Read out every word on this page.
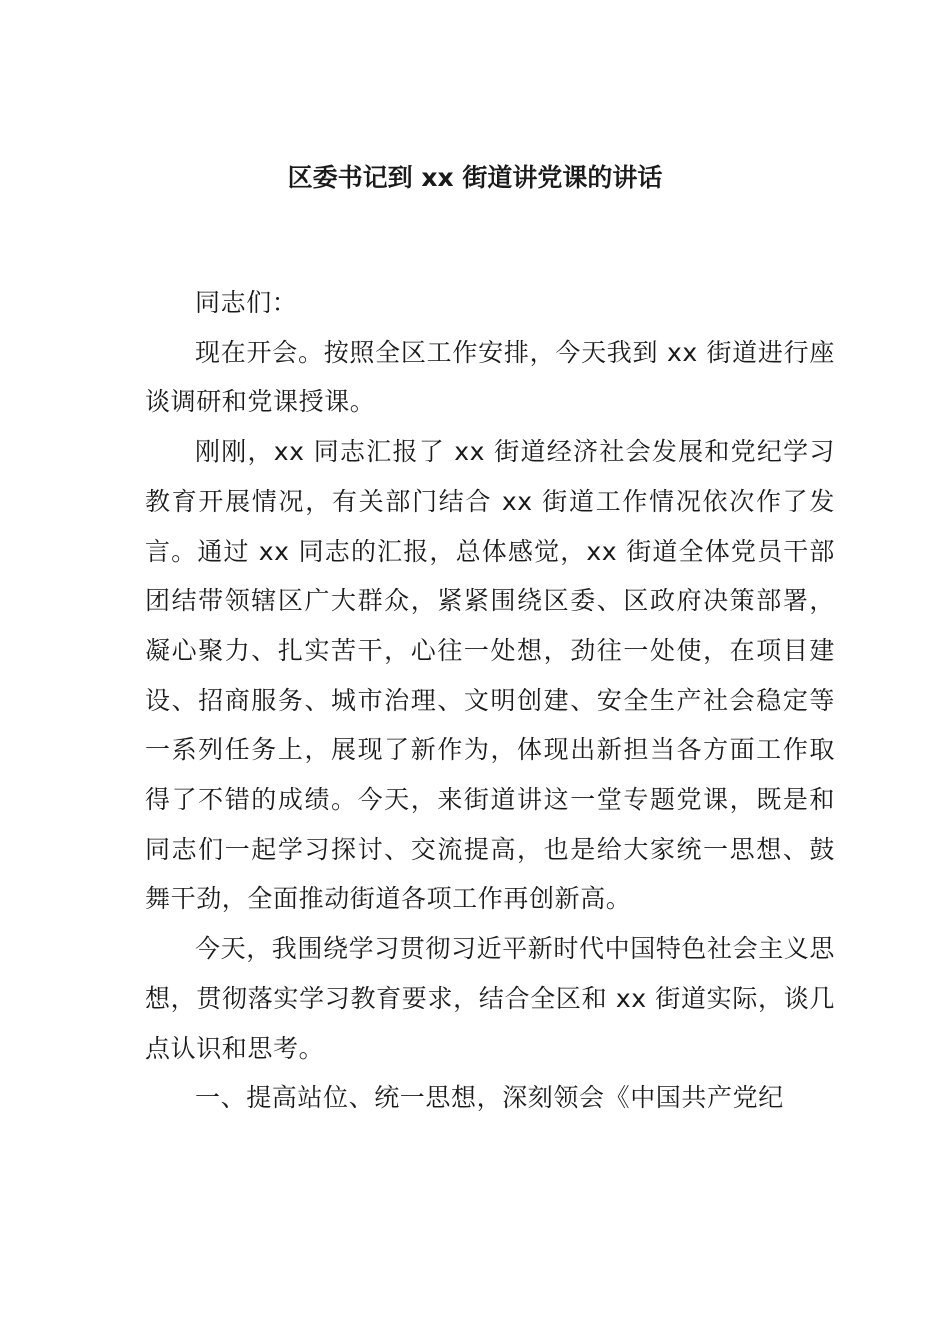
区委书记到 xx 街道讲党课的讲话

同志们：

现在开会。按照全区工作安排，今天我到 xx 街道进行座谈调研和党课授课。

刚刚，xx 同志汇报了 xx 街道经济社会发展和党纪学习教育开展情况，有关部门结合 xx 街道工作情况依次作了发言。通过 xx 同志的汇报，总体感觉，xx 街道全体党员干部团结带领辖区广大群众，紧紧围绕区委、区政府决策部署，凝心聚力、扎实苦干，心往一处想，劲往一处使，在项目建设、招商服务、城市治理、文明创建、安全生产社会稳定等一系列任务上，展现了新作为，体现出新担当各方面工作取得了不错的成绩。今天，来街道讲这一堂专题党课，既是和同志们一起学习探讨、交流提高，也是给大家统一思想、鼓舞干劲，全面推动街道各项工作再创新高。

今天，我围绕学习贯彻习近平新时代中国特色社会主义思想，贯彻落实学习教育要求，结合全区和 xx 街道实际，谈几点认识和思考。

一、提高站位、统一思想，深刻领会《中国共产党纪
